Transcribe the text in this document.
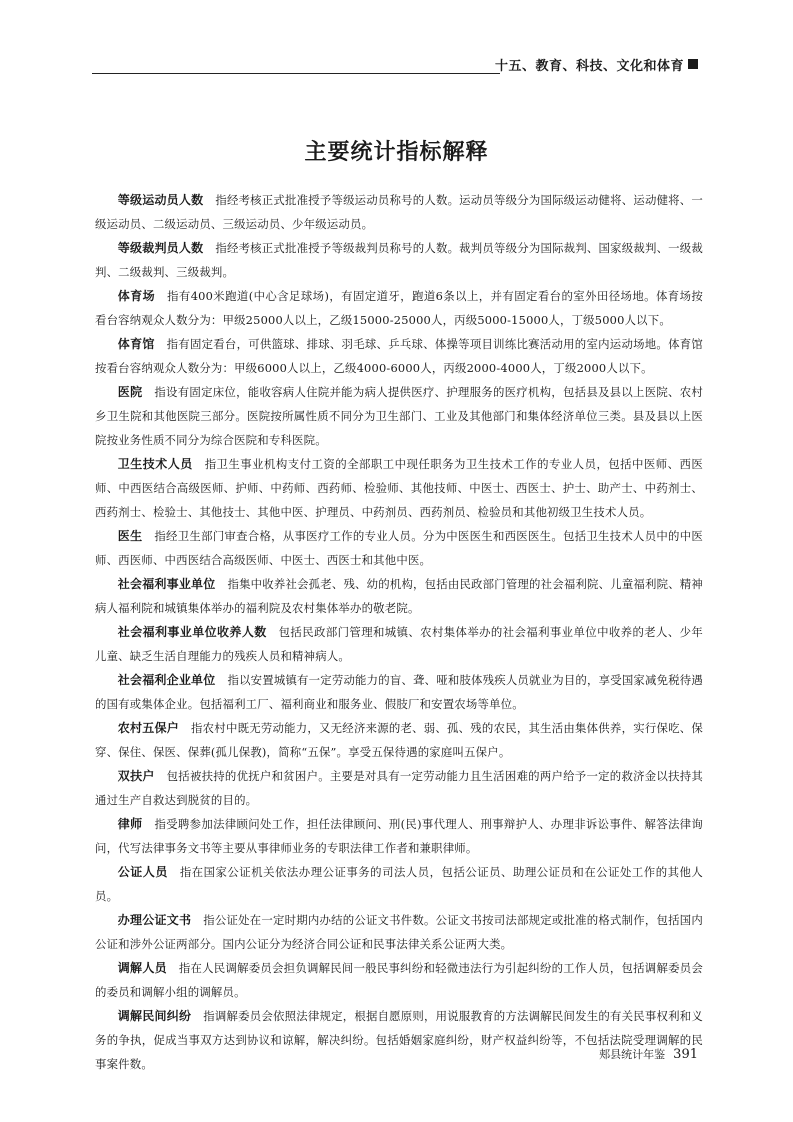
十五、教育、科技、文化和体育
主要统计指标解释

等级运动员人数 指经考核正式批准授予等级运动员称号的人数。运动员等级分为国际级运动健将、运动健将、一级运动员、二级运动员、三级运动员、少年级运动员。

等级裁判员人数 指经考核正式批准授予等级裁判员称号的人数。裁判员等级分为国际裁判、国家级裁判、一级裁判、二级裁判、三级裁判。

体育场 指有400米跑道(中心含足球场)，有固定道牙，跑道6条以上，并有固定看台的室外田径场地。体育场按看台容纳观众人数分为：甲级25000人以上，乙级15000-25000人，丙级5000-15000人，丁级5000人以下。

体育馆 指有固定看台，可供篮球、排球、羽毛球、乒乓球、体操等项目训练比赛活动用的室内运动场地。体育馆按看台容纳观众人数分为：甲级6000人以上，乙级4000-6000人，丙级2000-4000人，丁级2000人以下。

医院 指设有固定床位，能收容病人住院并能为病人提供医疗、护理服务的医疗机构，包括县及县以上医院、农村乡卫生院和其他医院三部分。医院按所属性质不同分为卫生部门、工业及其他部门和集体经济单位三类。县及县以上医院按业务性质不同分为综合医院和专科医院。

卫生技术人员 指卫生事业机构支付工资的全部职工中现任职务为卫生技术工作的专业人员，包括中医师、西医师、中西医结合高级医师、护师、中药师、西药师、检验师、其他技师、中医士、西医士、护士、助产士、中药剂士、西药剂士、检验士、其他技士、其他中医、护理员、中药剂员、西药剂员、检验员和其他初级卫生技术人员。

医生 指经卫生部门审查合格，从事医疗工作的专业人员。分为中医医生和西医医生。包括卫生技术人员中的中医师、西医师、中西医结合高级医师、中医士、西医士和其他中医。

社会福利事业单位 指集中收养社会孤老、残、幼的机构，包括由民政部门管理的社会福利院、儿童福利院、精神病人福利院和城镇集体举办的福利院及农村集体举办的敬老院。

社会福利事业单位收养人数 包括民政部门管理和城镇、农村集体举办的社会福利事业单位中收养的老人、少年儿童、缺乏生活自理能力的残疾人员和精神病人。

社会福利企业单位 指以安置城镇有一定劳动能力的盲、聋、哑和肢体残疾人员就业为目的，享受国家减免税待遇的国有或集体企业。包括福利工厂、福利商业和服务业、假肢厂和安置农场等单位。

农村五保户 指农村中既无劳动能力，又无经济来源的老、弱、孤、残的农民，其生活由集体供养，实行保吃、保穿、保住、保医、保葬(孤儿保教)，简称“五保”。享受五保待遇的家庭叫五保户。

双扶户 包括被扶持的优抚户和贫困户。主要是对具有一定劳动能力且生活困难的两户给予一定的救济金以扶持其通过生产自救达到脱贫的目的。

律师 指受聘参加法律顾问处工作，担任法律顾问、刑(民)事代理人、刑事辩护人、办理非诉讼事件、解答法律询问，代写法律事务文书等主要从事律师业务的专职法律工作者和兼职律师。

公证人员 指在国家公证机关依法办理公证事务的司法人员，包括公证员、助理公证员和在公证处工作的其他人员。

办理公证文书 指公证处在一定时期内办结的公证文书件数。公证文书按司法部规定或批准的格式制作，包括国内公证和涉外公证两部分。国内公证分为经济合同公证和民事法律关系公证两大类。

调解人员 指在人民调解委员会担负调解民间一般民事纠纷和轻微违法行为引起纠纷的工作人员，包括调解委员会的委员和调解小组的调解员。

调解民间纠纷 指调解委员会依照法律规定，根据自愿原则，用说服教育的方法调解民间发生的有关民事权利和义务的争执，促成当事双方达到协议和谅解，解决纠纷。包括婚姻家庭纠纷，财产权益纠纷等，不包括法院受理调解的民事案件数。

郏县统计年鉴 391
